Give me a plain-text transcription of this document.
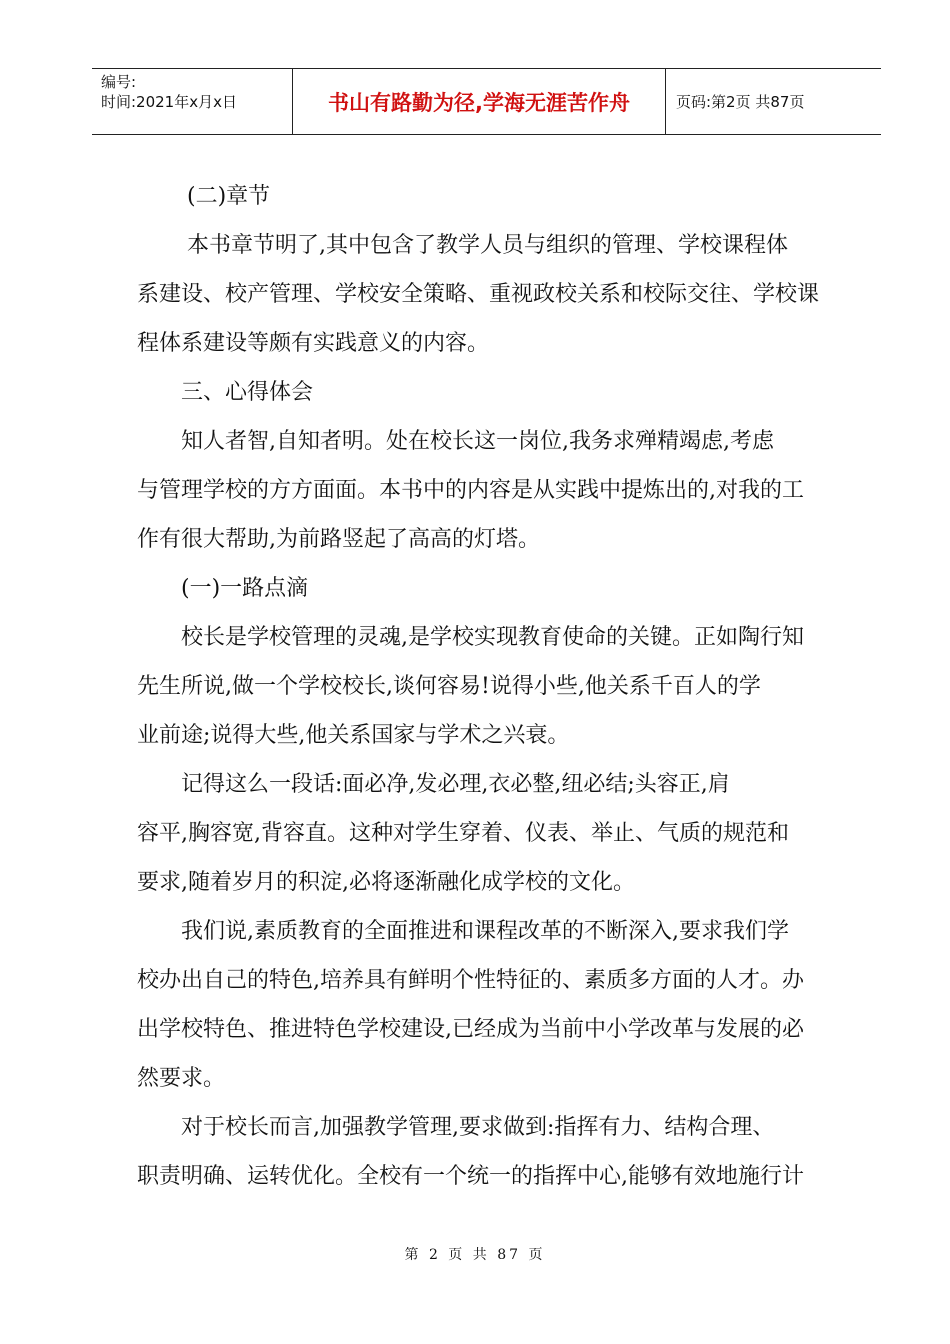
编号:
时间:2021年x月x日	书山有路勤为径,学海无涯苦作舟	页码:第2页 共87页
(二)章节
本书章节明了,其中包含了教学人员与组织的管理、学校课程体
系建设、校产管理、学校安全策略、重视政校关系和校际交往、学校课
程体系建设等颇有实践意义的内容。
三、心得体会
知人者智,自知者明。处在校长这一岗位,我务求殚精竭虑,考虑
与管理学校的方方面面。本书中的内容是从实践中提炼出的,对我的工
作有很大帮助,为前路竖起了高高的灯塔。
(一)一路点滴
校长是学校管理的灵魂,是学校实现教育使命的关键。正如陶行知
先生所说,做一个学校校长,谈何容易!说得小些,他关系千百人的学
业前途;说得大些,他关系国家与学术之兴衰。
记得这么一段话:面必净,发必理,衣必整,纽必结;头容正,肩
容平,胸容宽,背容直。这种对学生穿着、仪表、举止、气质的规范和
要求,随着岁月的积淀,必将逐渐融化成学校的文化。
我们说,素质教育的全面推进和课程改革的不断深入,要求我们学
校办出自己的特色,培养具有鲜明个性特征的、素质多方面的人才。办
出学校特色、推进特色学校建设,已经成为当前中小学改革与发展的必
然要求。
对于校长而言,加强教学管理,要求做到:指挥有力、结构合理、
职责明确、运转优化。全校有一个统一的指挥中心,能够有效地施行计
第 2 页 共 87 页
